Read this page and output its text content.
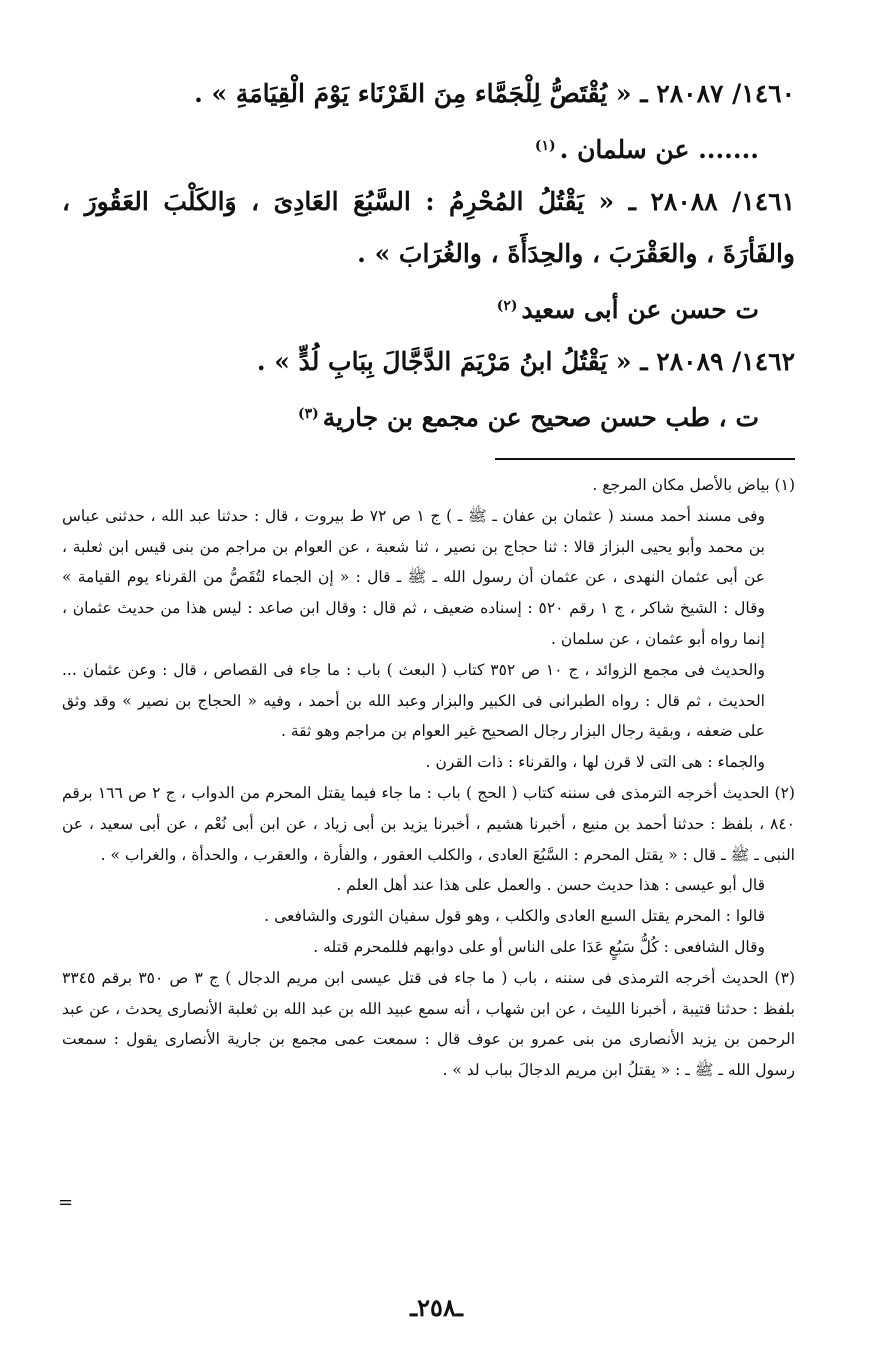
١٤٦٠/ ٢٨٠٨٧ ـ « يُقْتَصُّ لِلْجَمَّاء مِنَ القَرْنَاء يَوْمَ الْقِيَامَةِ » .

....... عن سلمان .$^{(١)}$

١٤٦١/ ٢٨٠٨٨ ـ « يَقْتُلُ المُحْرِمُ : السَّبُعَ العَادِىَ ، وَالكَلْبَ العَقُورَ ، والفَأرَةَ ، والعَقْرَبَ ، والحِدَأَةَ ، والغُرَابَ » .

ت حسن عن أبى سعيد$^{(٢)}$

١٤٦٢/ ٢٨٠٨٩ ـ « يَقْتُلُ ابنُ مَرْيَمَ الدَّجَّالَ بِبَابِ لُدٍّ » .

ت ، طب حسن صحيح عن مجمع بن جارية$^{(٣)}$

(١) بياض بالأصل مكان المرجع .

وفى مسند أحمد مسند ( عثمان بن عفان ـ ﷺ ـ ) ج ١ ص ٧٢ ط بيروت ، قال : حدثنا عبد الله ، حدثنى عباس بن محمد وأبو يحيى البزاز قالا : ثنا حجاج بن نصير ، ثنا شعبة ، عن العوام بن مراجم من بنى قيس ابن ثعلبة ، عن أبى عثمان النهدى ، عن عثمان أن رسول الله ـ ﷺ ـ قال : « إن الجماء لتُقَصُّ من القرناء يوم القيامة » وقال : الشيخ شاكر ، ج ١ رقم ٥٢٠ : إسناده ضعيف ، ثم قال : وقال ابن صاعد : ليس هذا من حديث عثمان ، إنما رواه أبو عثمان ، عن سلمان .

والحديث فى مجمع الزوائد ، ج ١٠ ص ٣٥٢ كتاب ( البعث ) باب : ما جاء فى القصاص ، قال : وعن عثمان ... الحديث ، ثم قال : رواه الطبرانى فى الكبير والبزار وعبد الله بن أحمد ، وفيه « الحجاج بن نصير » وقد وثق على ضعفه ، وبقية رجال البزار رجال الصحيح غير العوام بن مراجم وهو ثقة .

والجماء : هى التى لا قرن لها ، والقرناء : ذات القرن .

(٢) الحديث أخرجه الترمذى فى سننه كتاب ( الحج ) باب : ما جاء فيما يقتل المحرم من الدواب ، ج ٢ ص ١٦٦ برقم ٨٤٠ ، بلفظ : حدثنا أحمد بن منيع ، أخبرنا هشيم ، أخبرنا يزيد بن أبى زياد ، عن ابن أبى نُعْم ، عن أبى سعيد ، عن النبى ـ ﷺ ـ قال : « يقتل المحرم : السَّبُعَ العادى ، والكلب العقور ، والفأرة ، والعقرب ، والحدأة ، والغراب » .

قال أبو عيسى : هذا حديث حسن . والعمل على هذا عند أهل العلم .

قالوا : المحرم يقتل السبع العادى والكلب ، وهو قول سفيان الثورى والشافعى .

وقال الشافعى : كُلُّ سَبُعٍ عَدَا على الناس أو على دوابهم فللمحرم قتله .

(٣) الحديث أخرجه الترمذى فى سننه ، باب ( ما جاء فى قتل عيسى ابن مريم الدجال ) ج ٣ ص ٣٥٠ برقم ٣٣٤٥ بلفظ : حدثنا قتيبة ، أخبرنا الليث ، عن ابن شهاب ، أنه سمع عبيد الله بن عبد الله بن ثعلبة الأنصارى يحدث ، عن عبد الرحمن بن يزيد الأنصارى من بنى عمرو بن عوف قال : سمعت عمى مجمع بن جارية الأنصارى يقول : سمعت رسول الله ـ ﷺ ـ : « يقتلُ ابن مريم الدجالَ بباب لد » .

=
ـ٢٥٨ـ
